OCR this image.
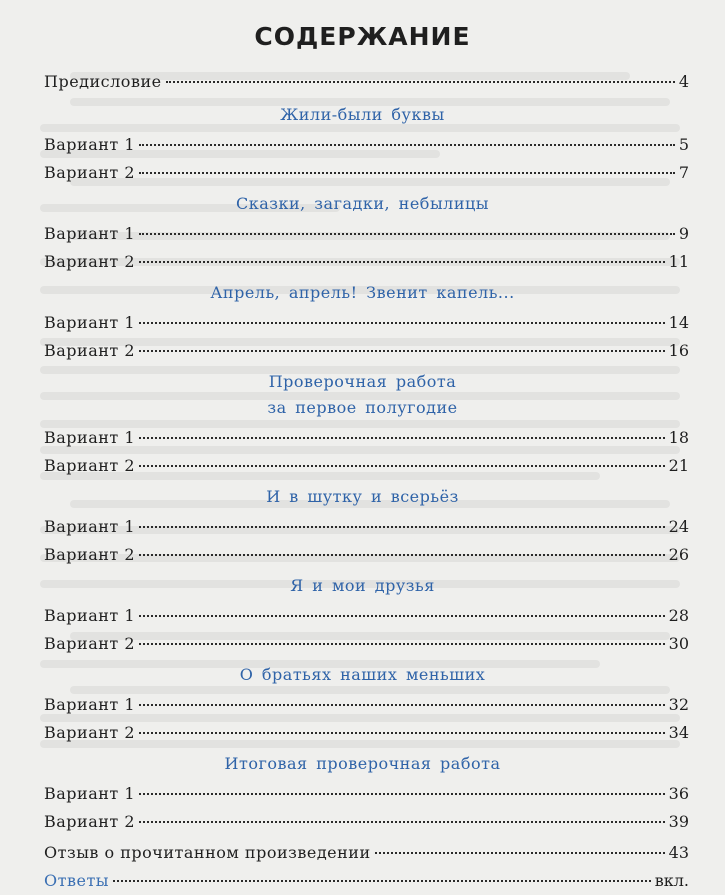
СОДЕРЖАНИЕ
Предисловие	4
Жили-были буквы
Вариант 1	5
Вариант 2	7
Сказки, загадки, небылицы
Вариант 1	9
Вариант 2	11
Апрель, апрель! Звенит капель...
Вариант 1	14
Вариант 2	16
Проверочная работа
за первое полугодие
Вариант 1	18
Вариант 2	21
И в шутку и всерьёз
Вариант 1	24
Вариант 2	26
Я и мои друзья
Вариант 1	28
Вариант 2	30
О братьях наших меньших
Вариант 1	32
Вариант 2	34
Итоговая проверочная работа
Вариант 1	36
Вариант 2	39
Отзыв о прочитанном произведении	43
Ответы	вкл.
